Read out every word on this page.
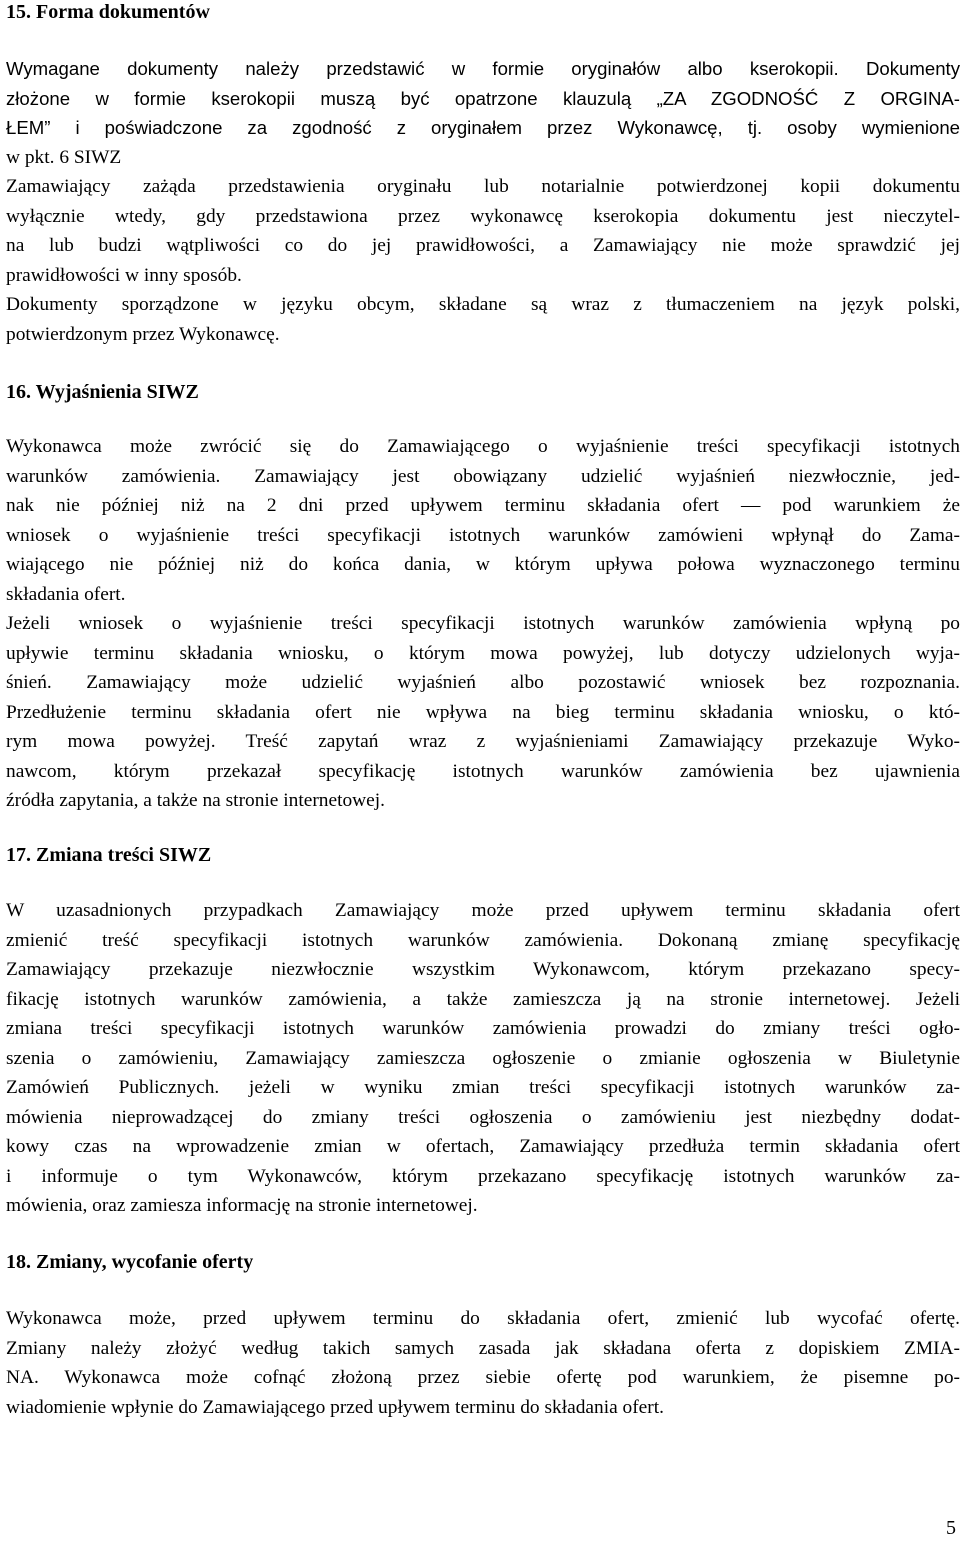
15. Forma dokumentów
Wymagane dokumenty należy przedstawić w formie oryginałów albo kserokopii. Dokumenty
złożone w formie kserokopii muszą być opatrzone klauzulą „ZA ZGODNOŚĆ Z ORGINA-
ŁEM” i poświadczone za zgodność z oryginałem przez Wykonawcę, tj. osoby wymienione
w pkt. 6 SIWZ
Zamawiający zażąda przedstawienia oryginału lub notarialnie potwierdzonej kopii dokumentu
wyłącznie wtedy, gdy przedstawiona przez wykonawcę kserokopia dokumentu jest nieczytel-
na lub budzi wątpliwości co do jej prawidłowości, a Zamawiający nie może sprawdzić jej
prawidłowości w inny sposób.
Dokumenty sporządzone w języku obcym, składane są wraz z tłumaczeniem na język polski,
potwierdzonym przez Wykonawcę.
16. Wyjaśnienia SIWZ
Wykonawca może zwrócić się do Zamawiającego o wyjaśnienie treści specyfikacji istotnych
warunków zamówienia. Zamawiający jest obowiązany udzielić wyjaśnień niezwłocznie, jed-
nak nie później niż na 2 dni przed upływem terminu składania ofert — pod warunkiem że
wniosek o wyjaśnienie treści specyfikacji istotnych warunków zamówieni wpłynął do Zama-
wiającego nie później niż do końca dania, w którym upływa połowa wyznaczonego terminu
składania ofert.
Jeżeli wniosek o wyjaśnienie treści specyfikacji istotnych warunków zamówienia wpłyną po
upływie terminu składania wniosku, o którym mowa powyżej, lub dotyczy udzielonych wyja-
śnień. Zamawiający może udzielić wyjaśnień albo pozostawić wniosek bez rozpoznania.
Przedłużenie terminu składania ofert nie wpływa na bieg terminu składania wniosku, o któ-
rym mowa powyżej. Treść zapytań wraz z wyjaśnieniami Zamawiający przekazuje Wyko-
nawcom, którym przekazał specyfikację istotnych warunków zamówienia bez ujawnienia
źródła zapytania, a także na stronie internetowej.
17. Zmiana treści SIWZ
W uzasadnionych przypadkach Zamawiający może przed upływem terminu składania ofert
zmienić treść specyfikacji istotnych warunków zamówienia. Dokonaną zmianę specyfikację
Zamawiający przekazuje niezwłocznie wszystkim Wykonawcom, którym przekazano specy-
fikację istotnych warunków zamówienia, a także zamieszcza ją na stronie internetowej. Jeżeli
zmiana treści specyfikacji istotnych warunków zamówienia prowadzi do zmiany treści ogło-
szenia o zamówieniu, Zamawiający zamieszcza ogłoszenie o zmianie ogłoszenia w Biuletynie
Zamówień Publicznych. jeżeli w wyniku zmian treści specyfikacji istotnych warunków za-
mówienia nieprowadzącej do zmiany treści ogłoszenia o zamówieniu jest niezbędny dodat-
kowy czas na wprowadzenie zmian w ofertach, Zamawiający przedłuża termin składania ofert
i informuje o tym Wykonawców, którym przekazano specyfikację istotnych warunków za-
mówienia, oraz zamiesza informację na stronie internetowej.
18. Zmiany, wycofanie oferty
Wykonawca może, przed upływem terminu do składania ofert, zmienić lub wycofać ofertę.
Zmiany należy złożyć według takich samych zasada jak składana oferta z dopiskiem ZMIA-
NA. Wykonawca może cofnąć złożoną przez siebie ofertę pod warunkiem, że pisemne po-
wiadomienie wpłynie do Zamawiającego przed upływem terminu do składania ofert.
5
